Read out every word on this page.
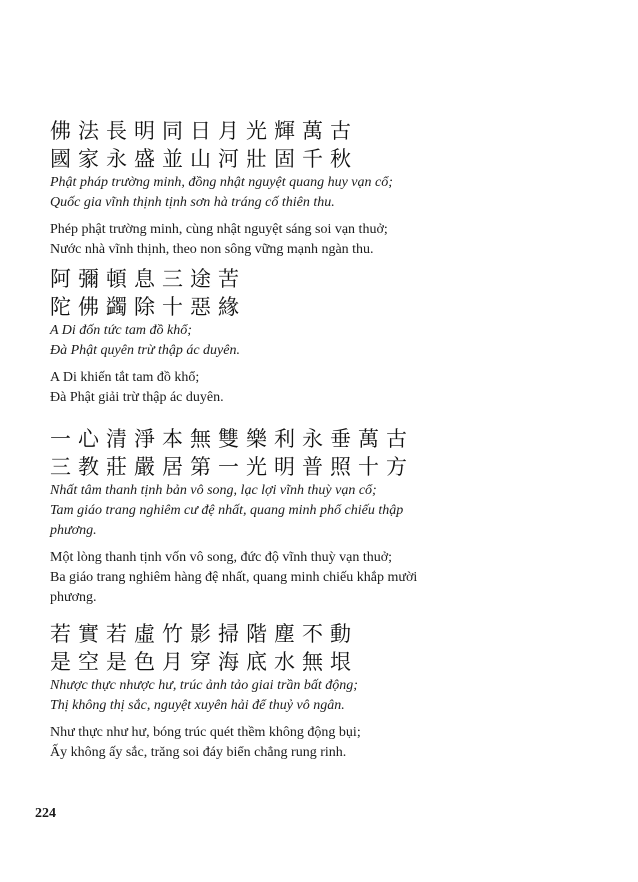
佛法長明同日月光輝萬古
國家永盛並山河壯固千秋
Phật pháp trường minh, đồng nhật nguyệt quang huy vạn cổ;
Quốc gia vĩnh thịnh tịnh sơn hà tráng cố thiên thu.
Phép phật trường minh, cùng nhật nguyệt sáng soi vạn thuở;
Nước nhà vĩnh thịnh, theo non sông vững mạnh ngàn thu.
阿彌頓息三途苦
陀佛蠲除十惡緣
A Di đốn tức tam đồ khổ;
Đà Phật quyên trừ thập ác duyên.
A Di khiến tắt tam đồ khổ;
Đà Phật giải trừ thập ác duyên.
一心清淨本無雙樂利永垂萬古
三教莊嚴居第一光明普照十方
Nhất tâm thanh tịnh bản vô song, lạc lợi vĩnh thuỳ vạn cổ;
Tam giáo trang nghiêm cư đệ nhất, quang minh phổ chiếu thập
phương.
Một lòng thanh tịnh vốn vô song, đức độ vĩnh thuỳ vạn thuở;
Ba giáo trang nghiêm hàng đệ nhất, quang minh chiếu khắp mười
phương.
若實若虛竹影掃階塵不動
是空是色月穿海底水無垠
Nhược thực nhược hư, trúc ảnh tảo giai trần bất động;
Thị không thị sắc, nguyệt xuyên hải để thuỷ vô ngân.
Như thực như hư, bóng trúc quét thềm không động bụi;
Ấy không ấy sắc, trăng soi đáy biển chẳng rung rinh.
224
